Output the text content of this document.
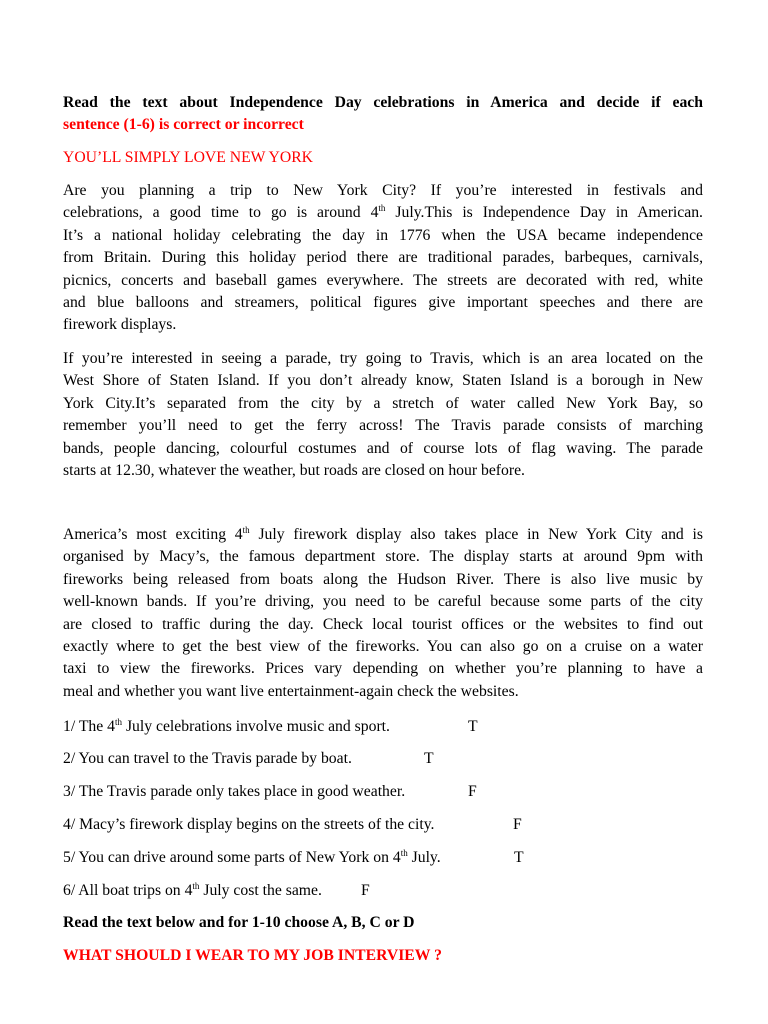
Read the text about Independence Day celebrations in America and decide if each
sentence (1-6) is correct or incorrect
YOU’LL SIMPLY LOVE NEW YORK
Are you planning a trip to New York City? If you’re interested in festivals and
celebrations, a good time to go is around 4th July.This is Independence Day in American.
It’s a national holiday celebrating the day in 1776 when the USA became independence
from Britain. During this holiday period there are traditional parades, barbeques, carnivals,
picnics, concerts and baseball games everywhere. The streets are decorated with red, white
and blue balloons and streamers, political figures give important speeches and there are
firework displays.
If you’re interested in seeing a parade, try going to Travis, which is an area located on the
West Shore of Staten Island. If you don’t already know, Staten Island is a borough in New
York City.It’s separated from the city by a stretch of water called New York Bay, so
remember you’ll need to get the ferry across! The Travis parade consists of marching
bands, people dancing, colourful costumes and of course lots of flag waving. The parade
starts at 12.30, whatever the weather, but roads are closed on hour before.
America’s most exciting 4th July firework display also takes place in New York City and is
organised by Macy’s, the famous department store. The display starts at around 9pm with
fireworks being released from boats along the Hudson River. There is also live music by
well-known bands. If you’re driving, you need to be careful because some parts of the city
are closed to traffic during the day. Check local tourist offices or the websites to find out
exactly where to get the best view of the fireworks. You can also go on a cruise on a water
taxi to view the fireworks. Prices vary depending on whether you’re planning to have a
meal and whether you want live entertainment-again check the websites.
1/ The 4th July celebrations involve music and sport.	T
2/ You can travel to the Travis parade by boat.	T
3/ The Travis parade only takes place in good weather.	F
4/ Macy’s firework display begins on the streets of the city.	F
5/ You can drive around some parts of New York on 4th July.	T
6/ All boat trips on 4th July cost the same. F
Read the text below and for 1-10 choose A, B, C or D
WHAT SHOULD I WEAR TO MY JOB INTERVIEW ?
